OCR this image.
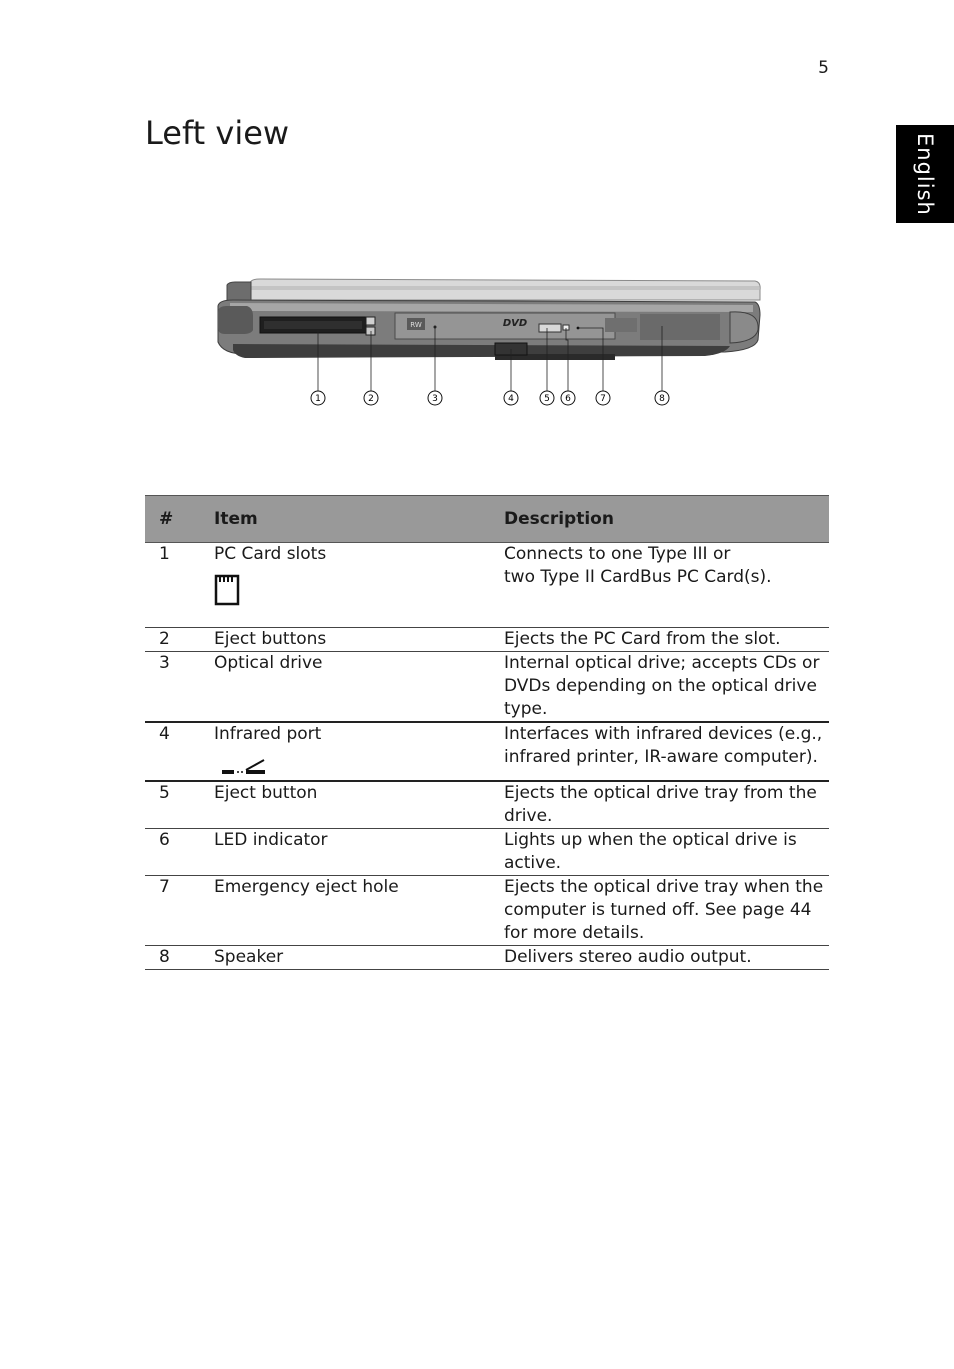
5
Left view	English
RW	DVD
1	2	3	4	5 6	7	8
#	Item	Description
1	PC Card slots	Connects to one Type III or
two Type II CardBus PC Card(s).
2	Eject buttons	Ejects the PC Card from the slot.
3	Optical drive	Internal optical drive; accepts CDs or DVDs depending on the optical drive type.
4	Infrared port	Interfaces with infrared devices (e.g., infrared printer, IR-aware computer).
5	Eject button	Ejects the optical drive tray from the drive.
6	LED indicator	Lights up when the optical drive is active.
7	Emergency eject hole	Ejects the optical drive tray when the computer is turned off. See page 44 for more details.
8	Speaker	Delivers stereo audio output.
